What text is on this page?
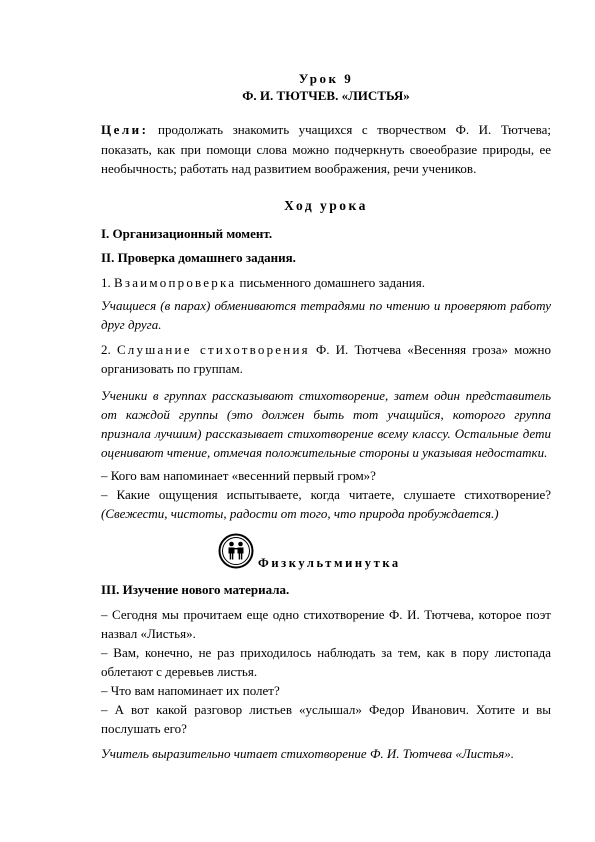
Урок 9
Ф. И. ТЮТЧЕВ. «ЛИСТЬЯ»

Цели: продолжать знакомить учащихся с творчеством Ф. И. Тютчева; показать, как при помощи слова можно подчеркнуть своеобразие природы, ее необычность; работать над развитием воображения, речи учеников.

Ход урока

I. Организационный момент.

II. Проверка домашнего задания.

1. Взаимопроверка письменного домашнего задания.

Учащиеся (в парах) обмениваются тетрадями по чтению и проверяют работу друг друга.

2. Слушание стихотворения Ф. И. Тютчева «Весенняя гроза» можно организовать по группам.

Ученики в группах рассказывают стихотворение, затем один представитель от каждой группы (это должен быть тот учащийся, которого группа признала лучшим) рассказывает стихотворение всему классу. Остальные дети оценивают чтение, отмечая положительные стороны и указывая недостатки.

– Кого вам напоминает «весенний первый гром»?

– Какие ощущения испытываете, когда читаете, слушаете стихотворение? (Свежести, чистоты, радости от того, что природа пробуждается.)

Физкультминутка

III. Изучение нового материала.

– Сегодня мы прочитаем еще одно стихотворение Ф. И. Тютчева, которое поэт назвал «Листья».

– Вам, конечно, не раз приходилось наблюдать за тем, как в пору листопада облетают с деревьев листья.

– Что вам напоминает их полет?

– А вот какой разговор листьев «услышал» Федор Иванович. Хотите и вы послушать его?

Учитель выразительно читает стихотворение Ф. И. Тютчева «Листья».
